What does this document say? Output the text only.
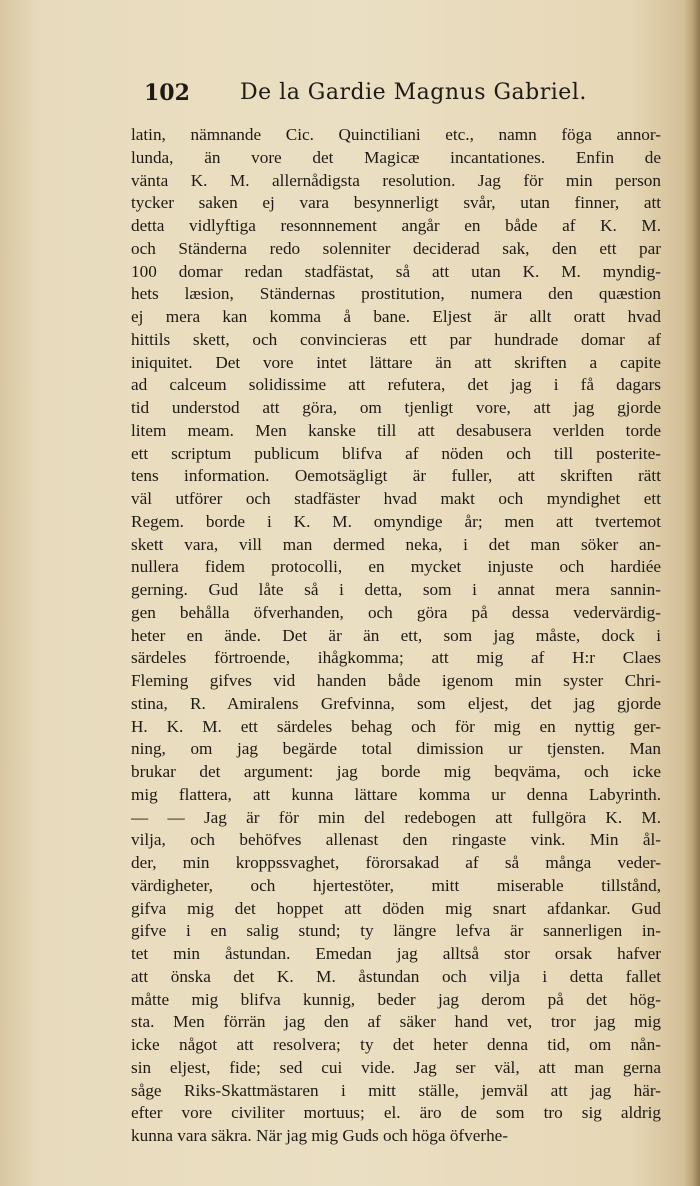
102 De la Gardie Magnus Gabriel.
latin, nämnande Cic. Quinctiliani etc., namn föga annor-
lunda, än vore det Magicæ incantationes. Enfin de
vänta K. M. allernådigsta resolution. Jag för min person
tycker saken ej vara besynnerligt svår, utan finner, att
detta vidlyftiga resonnnement angår en både af K. M.
och Ständerna redo solenniter deciderad sak, den ett par
100 domar redan stadfästat, så att utan K. M. myndig-
hets læsion, Ständernas prostitution, numera den quæstion
ej mera kan komma å bane. Eljest är allt oratt hvad
hittils skett, och convincieras ett par hundrade domar af
iniquitet. Det vore intet lättare än att skriften a capite
ad calceum solidissime att refutera, det jag i få dagars
tid understod att göra, om tjenligt vore, att jag gjorde
litem meam. Men kanske till att desabusera verlden torde
ett scriptum publicum blifva af nöden och till posterite-
tens information. Oemotsägligt är fuller, att skriften rätt
väl utförer och stadfäster hvad makt och myndighet ett
Regem. borde i K. M. omyndige år; men att tvertemot
skett vara, vill man dermed neka, i det man söker an-
nullera fidem protocolli, en mycket injuste och hardiée
gerning. Gud låte så i detta, som i annat mera sannin-
gen behålla öfverhanden, och göra på dessa vedervärdig-
heter en ände. Det är än ett, som jag måste, dock i
särdeles förtroende, ihågkomma; att mig af H:r Claes
Fleming gifves vid handen både igenom min syster Chri-
stina, R. Amiralens Grefvinna, som eljest, det jag gjorde
H. K. M. ett särdeles behag och för mig en nyttig ger-
ning, om jag begärde total dimission ur tjensten. Man
brukar det argument: jag borde mig beqväma, och icke
mig flattera, att kunna lättare komma ur denna Labyrinth.
— — Jag är för min del redebogen att fullgöra K. M.
vilja, och behöfves allenast den ringaste vink. Min ål-
der, min kroppssvaghet, förorsakad af så många veder-
värdigheter, och hjertestöter, mitt miserable tillstånd,
gifva mig det hoppet att döden mig snart afdankar. Gud
gifve i en salig stund; ty längre lefva är sannerligen in-
tet min åstundan. Emedan jag alltså stor orsak hafver
att önska det K. M. åstundan och vilja i detta fallet
måtte mig blifva kunnig, beder jag derom på det hög-
sta. Men förrän jag den af säker hand vet, tror jag mig
icke något att resolvera; ty det heter denna tid, om nån-
sin eljest, fide; sed cui vide. Jag ser väl, att man gerna
såge Riks-Skattmästaren i mitt ställe, jemväl att jag här-
efter vore civiliter mortuus; el. äro de som tro sig aldrig
kunna vara säkra. När jag mig Guds och höga öfverhe-
